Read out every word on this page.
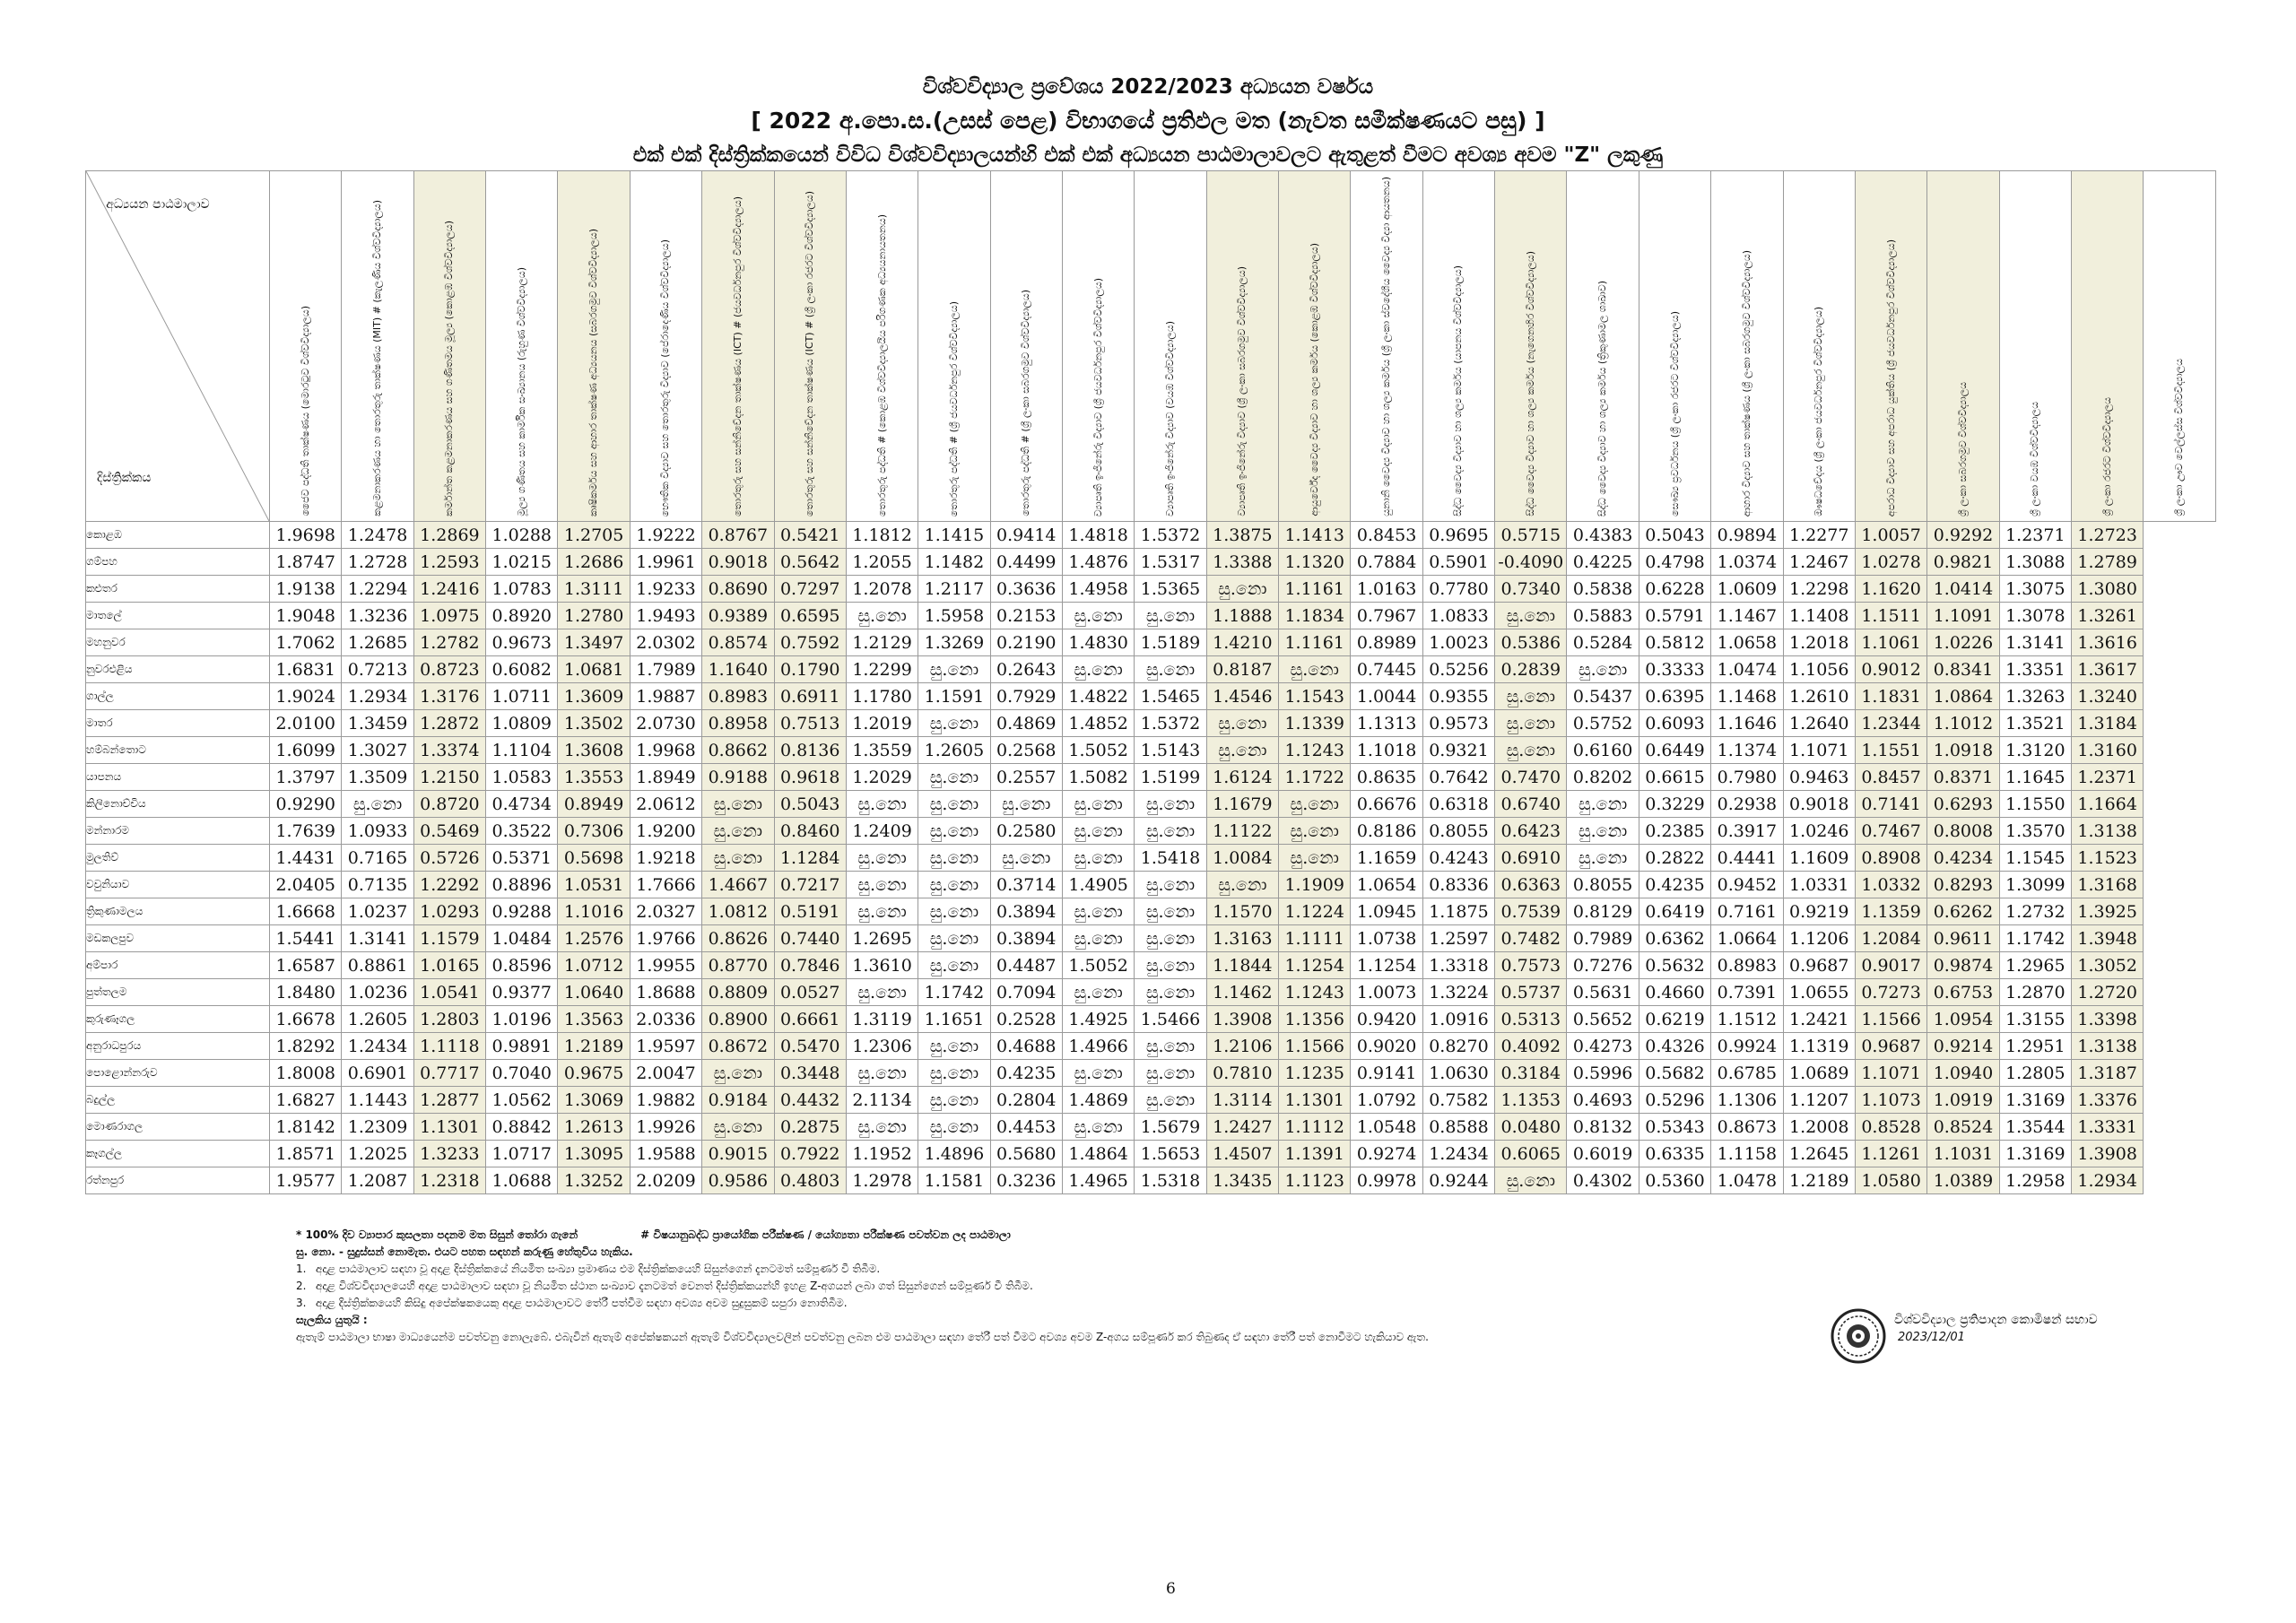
විශ්වවිද්‍යාල ප්‍රවේශය 2022/2023 අධ්‍යයන වර්ෂය
[ 2022 අ.පො.ස.(උසස් පෙළ) විභාගයේ ප්‍රතිඵල මත (නැවත සමීක්ෂණයට පසු) ]
එක් එක් දිස්ත්‍රික්කයෙන් විවිධ විශ්වවිද්‍යාලයන්හි එක් එක් අධ්‍යයන පාඨමාලාවලට ඇතුළත් වීමට අවශ්‍ය අවම "Z" ලකුණු
අධ්‍යයන පාඨමාලාව
දිස්ත්‍රික්කය	ජෛව පද්ධති තාක්ෂණය (මොරටුව විශ්වවිද්‍යාලය)	කළමනාකරණය හා තොරතුරු තාක්ෂණය (MIT) # (කැලණිය විශ්වවිද්‍යාලය)	කර්මාන්ත කළමනාකරණය සහ ගණිතමය මූල්‍ය (කොළඹ විශ්වවිද්‍යාලය)	මූල්‍ය ගණිතය සහ කාර්මික සංඛ්‍යානය (රුහුණ විශ්වවිද්‍යාලය)	කෘෂිකර්මය සහ ආහාර තාක්ෂණ අධ්‍යයනය (සබරගමුව විශ්වවිද්‍යාලය)	භෞතික විද්‍යාව සහ තොරතුරු විද්‍යාව (පේරාදෙණිය විශ්වවිද්‍යාලය)	තොරතුරු සහ සන්නිවේදන තාක්ෂණය (ICT) # (ජයවර්ධනපුර විශ්වවිද්‍යාලය)	තොරතුරු සහ සන්නිවේදන තාක්ෂණය (ICT) # (ශ්‍රී ලංකා රජරට විශ්වවිද්‍යාලය)	තොරතුරු පද්ධති # (කොළඹ විශ්වවිද්‍යාලයීය පරිගණක අධ්‍යයනායතනය)	තොරතුරු පද්ධති # (ශ්‍රී ජයවර්ධනපුර විශ්වවිද්‍යාලය)	තොරතුරු පද්ධති # (ශ්‍රී ලංකා සබරගමුව විශ්වවිද්‍යාලය)	ව්‍යාපෘති ඉංජිනේරු විද්‍යාව (ශ්‍රී ජයවර්ධනපුර විශ්වවිද්‍යාලය)	ව්‍යාපෘති ඉංජිනේරු විද්‍යාව (වයඹ විශ්වවිද්‍යාලය)	ව්‍යාපෘති ඉංජිනේරු විද්‍යාව (ශ්‍රී ලංකා සබරගමුව විශ්වවිද්‍යාලය)	ආයුර්වේද වෛද්‍ය විද්‍යාව හා ශල්‍ය කර්මය (කොළඹ විශ්වවිද්‍යාලය)	යුනානි වෛද්‍ය විද්‍යාව හා ශල්‍ය කර්මය (ශ්‍රී ලංකා ස්වදේශීය වෛද්‍ය විද්‍යා ආයතනය)	සිද්ධ වෛද්‍ය විද්‍යාව හා ශල්‍ය කර්මය (යාපනය විශ්වවිද්‍යාලය)	සිද්ධ වෛද්‍ය විද්‍යාව හා ශල්‍ය කර්මය (නැගෙනහිර විශ්වවිද්‍යාලය)	සිද්ධ වෛද්‍ය විද්‍යාව හා ශල්‍ය කර්මය (ත්‍රිකුණාමල ශාඛාව)	සෞඛ්‍ය ප්‍රවර්ධනය (ශ්‍රී ලංකා රජරට විශ්වවිද්‍යාලය)	ආහාර විද්‍යාව සහ තාක්ෂණය (ශ්‍රී ලංකා සබරගමුව විශ්වවිද්‍යාලය)	ඖෂධවේදය (ශ්‍රී ලංකා ජයවර්ධනපුර විශ්වවිද්‍යාලය)	අපරාධ විද්‍යාව සහ අපරාධ යුක්තිය (ශ්‍රී ජයවර්ධනපුර විශ්වවිද්‍යාලය)	ශ්‍රී ලංකා සබරගමුව විශ්වවිද්‍යාලය	ශ්‍රී ලංකා වයඹ විශ්වවිද්‍යාලය	ශ්‍රී ලංකා රජරට විශ්වවිද්‍යාලය	ශ්‍රී ලංකා ඌව වෙල්ලස්ස විශ්වවිද්‍යාලය

කොළඹ	1.9698	1.2478	1.2869	1.0288	1.2705	1.9222	0.8767	0.5421	1.1812	1.1415	0.9414	1.4818	1.5372	1.3875	1.1413	0.8453	0.9695	0.5715	0.4383	0.5043	0.9894	1.2277	1.0057	0.9292	1.2371	1.2723	
ගම්පහ	1.8747	1.2728	1.2593	1.0215	1.2686	1.9961	0.9018	0.5642	1.2055	1.1482	0.4499	1.4876	1.5317	1.3388	1.1320	0.7884	0.5901	-0.4090	0.4225	0.4798	1.0374	1.2467	1.0278	0.9821	1.3088	1.2789	
කළුතර	1.9138	1.2294	1.2416	1.0783	1.3111	1.9233	0.8690	0.7297	1.2078	1.2117	0.3636	1.4958	1.5365	සු.නො	1.1161	1.0163	0.7780	0.7340	0.5838	0.6228	1.0609	1.2298	1.1620	1.0414	1.3075	1.3080	
මාතලේ	1.9048	1.3236	1.0975	0.8920	1.2780	1.9493	0.9389	0.6595	සු.නො	1.5958	0.2153	සු.නො	සු.නො	1.1888	1.1834	0.7967	1.0833	සු.නො	0.5883	0.5791	1.1467	1.1408	1.1511	1.1091	1.3078	1.3261	
මහනුවර	1.7062	1.2685	1.2782	0.9673	1.3497	2.0302	0.8574	0.7592	1.2129	1.3269	0.2190	1.4830	1.5189	1.4210	1.1161	0.8989	1.0023	0.5386	0.5284	0.5812	1.0658	1.2018	1.1061	1.0226	1.3141	1.3616	
නුවරඑළිය	1.6831	0.7213	0.8723	0.6082	1.0681	1.7989	1.1640	0.1790	1.2299	සු.නො	0.2643	සු.නො	සු.නො	0.8187	සු.නො	0.7445	0.5256	0.2839	සු.නො	0.3333	1.0474	1.1056	0.9012	0.8341	1.3351	1.3617	
ගාල්ල	1.9024	1.2934	1.3176	1.0711	1.3609	1.9887	0.8983	0.6911	1.1780	1.1591	0.7929	1.4822	1.5465	1.4546	1.1543	1.0044	0.9355	සු.නො	0.5437	0.6395	1.1468	1.2610	1.1831	1.0864	1.3263	1.3240	
මාතර	2.0100	1.3459	1.2872	1.0809	1.3502	2.0730	0.8958	0.7513	1.2019	සු.නො	0.4869	1.4852	1.5372	සු.නො	1.1339	1.1313	0.9573	සු.නො	0.5752	0.6093	1.1646	1.2640	1.2344	1.1012	1.3521	1.3184	
හම්බන්තොට	1.6099	1.3027	1.3374	1.1104	1.3608	1.9968	0.8662	0.8136	1.3559	1.2605	0.2568	1.5052	1.5143	සු.නො	1.1243	1.1018	0.9321	සු.නො	0.6160	0.6449	1.1374	1.1071	1.1551	1.0918	1.3120	1.3160	
යාපනය	1.3797	1.3509	1.2150	1.0583	1.3553	1.8949	0.9188	0.9618	1.2029	සු.නො	0.2557	1.5082	1.5199	1.6124	1.1722	0.8635	0.7642	0.7470	0.8202	0.6615	0.7980	0.9463	0.8457	0.8371	1.1645	1.2371	
කිලිනොච්චිය	0.9290	සු.නො	0.8720	0.4734	0.8949	2.0612	සු.නො	0.5043	සු.නො	සු.නො	සු.නො	සු.නො	සු.නො	1.1679	සු.නො	0.6676	0.6318	0.6740	සු.නො	0.3229	0.2938	0.9018	0.7141	0.6293	1.1550	1.1664	
මන්නාරම	1.7639	1.0933	0.5469	0.3522	0.7306	1.9200	සු.නො	0.8460	1.2409	සු.නො	0.2580	සු.නො	සු.නො	1.1122	සු.නො	0.8186	0.8055	0.6423	සු.නො	0.2385	0.3917	1.0246	0.7467	0.8008	1.3570	1.3138	
මුලතිව්	1.4431	0.7165	0.5726	0.5371	0.5698	1.9218	සු.නො	1.1284	සු.නො	සු.නො	සු.නො	සු.නො	1.5418	1.0084	සු.නො	1.1659	0.4243	0.6910	සු.නො	0.2822	0.4441	1.1609	0.8908	0.4234	1.1545	1.1523	
වවුනියාව	2.0405	0.7135	1.2292	0.8896	1.0531	1.7666	1.4667	0.7217	සු.නො	සු.නො	0.3714	1.4905	සු.නො	සු.නො	1.1909	1.0654	0.8336	0.6363	0.8055	0.4235	0.9452	1.0331	1.0332	0.8293	1.3099	1.3168	
ත්‍රිකුණාමලය	1.6668	1.0237	1.0293	0.9288	1.1016	2.0327	1.0812	0.5191	සු.නො	සු.නො	0.3894	සු.නො	සු.නො	1.1570	1.1224	1.0945	1.1875	0.7539	0.8129	0.6419	0.7161	0.9219	1.1359	0.6262	1.2732	1.3925	
මඩකලපුව	1.5441	1.3141	1.1579	1.0484	1.2576	1.9766	0.8626	0.7440	1.2695	සු.නො	0.3894	සු.නො	සු.නො	1.3163	1.1111	1.0738	1.2597	0.7482	0.7989	0.6362	1.0664	1.1206	1.2084	0.9611	1.1742	1.3948	
අම්පාර	1.6587	0.8861	1.0165	0.8596	1.0712	1.9955	0.8770	0.7846	1.3610	සු.නො	0.4487	1.5052	සු.නො	1.1844	1.1254	1.1254	1.3318	0.7573	0.7276	0.5632	0.8983	0.9687	0.9017	0.9874	1.2965	1.3052	
පුත්තලම	1.8480	1.0236	1.0541	0.9377	1.0640	1.8688	0.8809	0.0527	සු.නො	1.1742	0.7094	සු.නො	සු.නො	1.1462	1.1243	1.0073	1.3224	0.5737	0.5631	0.4660	0.7391	1.0655	0.7273	0.6753	1.2870	1.2720	
කුරුණෑගල	1.6678	1.2605	1.2803	1.0196	1.3563	2.0336	0.8900	0.6661	1.3119	1.1651	0.2528	1.4925	1.5466	1.3908	1.1356	0.9420	1.0916	0.5313	0.5652	0.6219	1.1512	1.2421	1.1566	1.0954	1.3155	1.3398	
අනුරාධපුරය	1.8292	1.2434	1.1118	0.9891	1.2189	1.9597	0.8672	0.5470	1.2306	සු.නො	0.4688	1.4966	සු.නො	1.2106	1.1566	0.9020	0.8270	0.4092	0.4273	0.4326	0.9924	1.1319	0.9687	0.9214	1.2951	1.3138	
පොළොන්නරුව	1.8008	0.6901	0.7717	0.7040	0.9675	2.0047	සු.නො	0.3448	සු.නො	සු.නො	0.4235	සු.නො	සු.නො	0.7810	1.1235	0.9141	1.0630	0.3184	0.5996	0.5682	0.6785	1.0689	1.1071	1.0940	1.2805	1.3187	
බදුල්ල	1.6827	1.1443	1.2877	1.0562	1.3069	1.9882	0.9184	0.4432	2.1134	සු.නො	0.2804	1.4869	සු.නො	1.3114	1.1301	1.0792	0.7582	1.1353	0.4693	0.5296	1.1306	1.1207	1.1073	1.0919	1.3169	1.3376	
මොණරාගල	1.8142	1.2309	1.1301	0.8842	1.2613	1.9926	සු.නො	0.2875	සු.නො	සු.නො	0.4453	සු.නො	1.5679	1.2427	1.1112	1.0548	0.8588	0.0480	0.8132	0.5343	0.8673	1.2008	0.8528	0.8524	1.3544	1.3331	
කෑගල්ල	1.8571	1.2025	1.3233	1.0717	1.3095	1.9588	0.9015	0.7922	1.1952	1.4896	0.5680	1.4864	1.5653	1.4507	1.1391	0.9274	1.2434	0.6065	0.6019	0.6335	1.1158	1.2645	1.1261	1.1031	1.3169	1.3908	
රත්නපුර	1.9577	1.2087	1.2318	1.0688	1.3252	2.0209	0.9586	0.4803	1.2978	1.1581	0.3236	1.4965	1.5318	1.3435	1.1123	0.9978	0.9244	සු.නො	0.4302	0.5360	1.0478	1.2189	1.0580	1.0389	1.2958	1.2934	
* 100% දිව ව්‍යාපාර කුසලතා පදනම මත සිසුන් තෝරා ගැනේ	# විෂයානුබද්ධ ප්‍රායෝගික පරීක්ෂණ / යෝග්‍යතා පරීක්ෂණ පවත්වන ලද පාඨමාලා
සු. නො. - සුදුස්සන් නොමැත. එයට පහත සඳහන් කරුණු හේතුවිය හැකිය.
1. අදාළ පාඨමාලාව සඳහා වූ අදාළ දිස්ත්‍රික්කයේ නියමිත සංඛ්‍යා ප්‍රමාණය එම දිස්ත්‍රික්කයෙහි සිසුන්ගෙන් දැනටමත් සම්පූර්ණ වී තිබීම.
2. අදාළ විශ්වවිද්‍යාලයෙහි අදාළ පාඨමාලාව සඳහා වූ නියමිත ස්ථාන සංඛ්‍යාව දැනටමත් වෙනත් දිස්ත්‍රික්කයන්හි ඉහළ Z-අගයන් ලබා ගත් සිසුන්ගෙන් සම්පූර්ණ වී තිබීම.
3. අදාළ දිස්ත්‍රික්කයෙහි කිසිදු අපේක්ෂකයෙකු අදාළ පාඨමාලාවට තේරී පත්වීම සඳහා අවශ්‍ය අවම සුදුසුකම් සපුරා නොතිබීම.
සැලකිය යුතුයි :
ඇතැම් පාඨමාලා භාෂා මාධ්‍යයෙන්ම පවත්වනු නොලැබේ. එබැවින් ඇතැම් අපේක්ෂකයන් ඇතැම් විශ්වවිද්‍යාලවලින් පවත්වනු ලබන එම පාඨමාලා සඳහා තේරී පත් වීමට අවශ්‍ය අවම Z-අගය සම්පූර්ණ කර තිබුණද ඒ සඳහා තේරී පත් නොවීමට හැකියාව ඇත.
විශ්වවිද්‍යාල ප්‍රතිපාදන කොමිෂන් සභාව
2023/12/01
6
